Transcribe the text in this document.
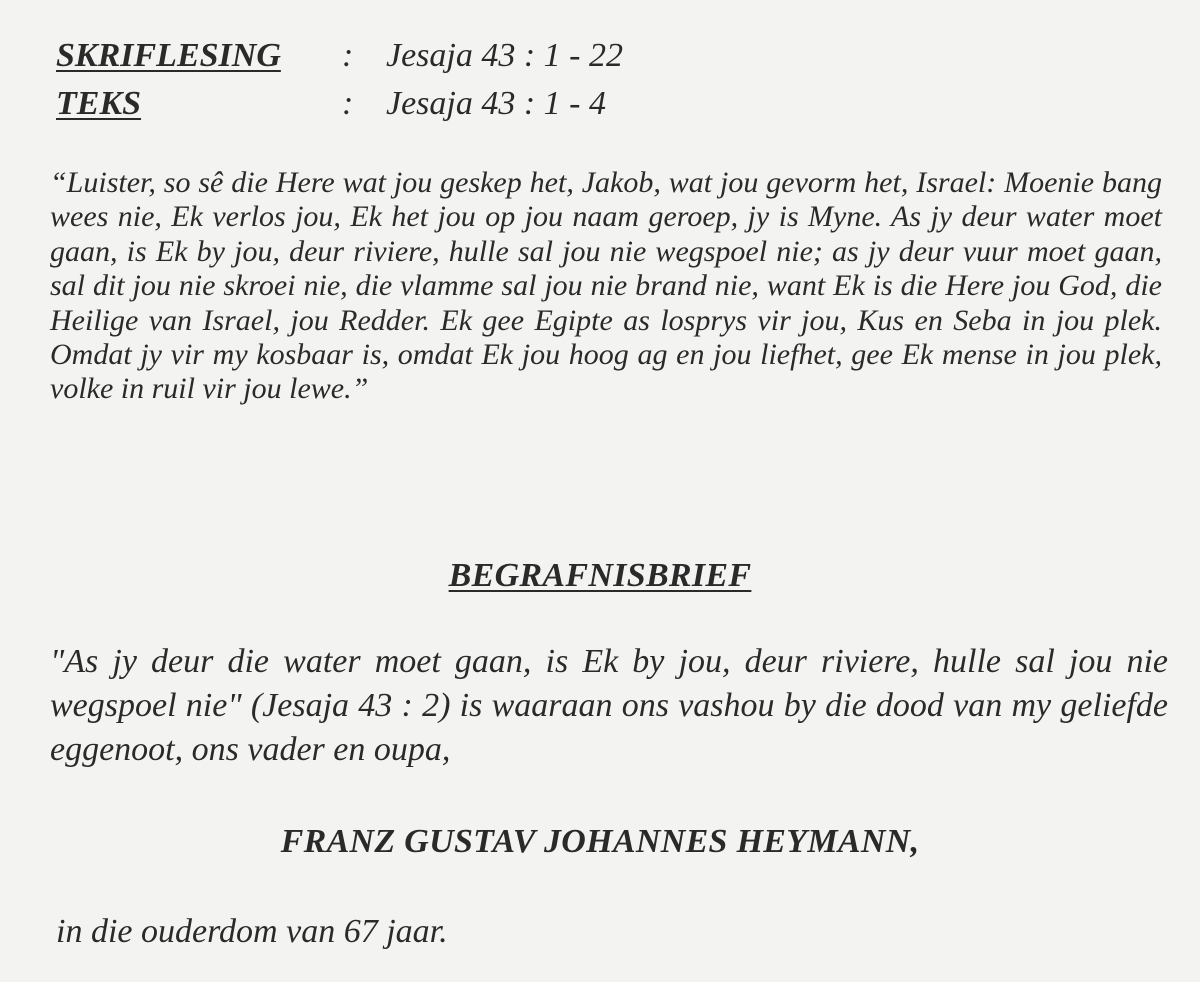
SKRIFLESING : Jesaja 43 : 1 - 22
TEKS	: Jesaja 43 : 1 - 4

“Luister, so sê die Here wat jou geskep het, Jakob, wat jou gevorm het, Israel: Moenie bang wees nie, Ek verlos jou, Ek het jou op jou naam geroep, jy is Myne. As jy deur water moet gaan, is Ek by jou, deur riviere, hulle sal jou nie wegspoel nie; as jy deur vuur moet gaan, sal dit jou nie skroei nie, die vlamme sal jou nie brand nie, want Ek is die Here jou God, die Heilige van Israel, jou Redder. Ek gee Egipte as losprys vir jou, Kus en Seba in jou plek. Omdat jy vir my kosbaar is, omdat Ek jou hoog ag en jou liefhet, gee Ek mense in jou plek, volke in ruil vir jou lewe.”

BEGRAFNISBRIEF

"As jy deur die water moet gaan, is Ek by jou, deur riviere, hulle sal jou nie wegspoel nie" (Jesaja 43 : 2) is waaraan ons vashou by die dood van my geliefde eggenoot, ons vader en oupa,

FRANZ GUSTAV JOHANNES HEYMANN,
in die ouderdom van 67 jaar.
